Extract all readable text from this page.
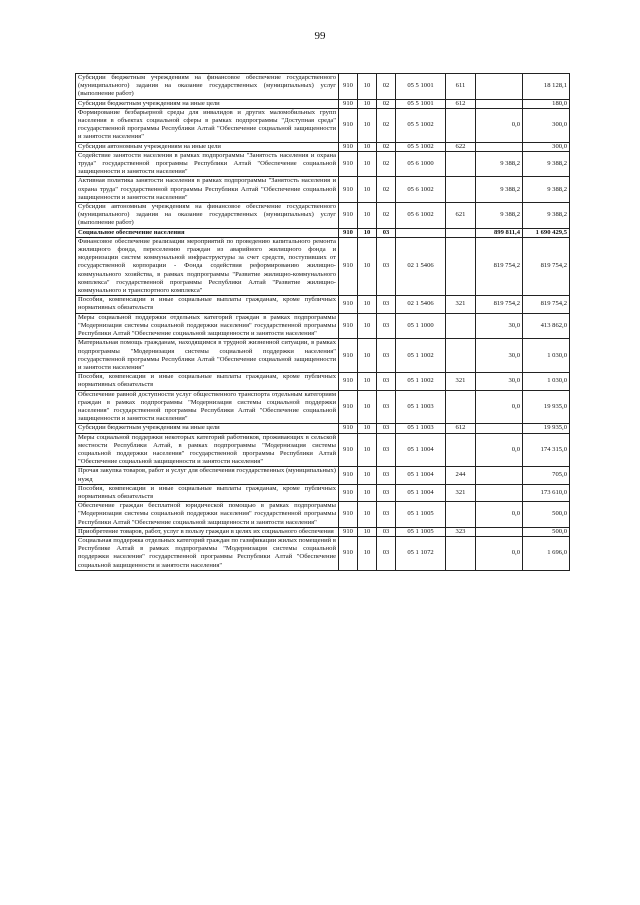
99
Субсидии бюджетным учреждениям на финансовое обеспечение государственного (муниципального) задания на оказание государственных (муниципальных) услуг (выполнение работ)	910	10	02	05 5 1001	611		18 128,1
Субсидии бюджетным учреждениям на иные цели	910	10	02	05 5 1001	612		180,0
Формирование безбарьерной среды для инвалидов и других маломобильных групп населения в объектах социальной сферы в рамках подпрограммы "Доступная среда" государственной программы Республики Алтай "Обеспечение социальной защищенности и занятости населения"	910	10	02	05 5 1002		0,0	300,0
Субсидии автономным учреждениям на иные цели	910	10	02	05 5 1002	622		300,0
Содействие занятости населения в рамках подпрограммы "Занятость населения и охрана труда" государственной программы Республики Алтай "Обеспечение социальной защищенности и занятости населения"	910	10	02	05 6 1000		9 388,2	9 388,2
Активная политика занятости населения в рамках подпрограммы "Занятость населения и охрана труда" государственной программы Республики Алтай "Обеспечение социальной защищенности и занятости населения"	910	10	02	05 6 1002		9 388,2	9 388,2
Субсидии автономным учреждениям на финансовое обеспечение государственного (муниципального) задания на оказание государственных (муниципальных) услуг (выполнение работ)	910	10	02	05 6 1002	621	9 388,2	9 388,2
Социальное обеспечение населения	910	10	03			899 811,4	1 690 429,5
Финансовое обеспечение реализации мероприятий по проведению капитального ремонта жилищного фонда, переселению граждан из аварийного жилищного фонда и модернизации систем коммунальной инфраструктуры за счет средств, поступивших от государственной корпорации - Фонда содействия реформированию жилищно-коммунального хозяйства, в рамках подпрограммы "Развитие жилищно-коммунального комплекса" государственной программы Республики Алтай "Развитие жилищно-коммунального и транспортного комплекса"	910	10	03	02 1 5406		819 754,2	819 754,2
Пособия, компенсации и иные социальные выплаты гражданам, кроме публичных нормативных обязательств	910	10	03	02 1 5406	321	819 754,2	819 754,2
Меры социальной поддержки отдельных категорий граждан в рамках подпрограммы "Модернизация системы социальной поддержки населения" государственной программы Республики Алтай "Обеспечение социальной защищенности и занятости населения"	910	10	03	05 1 1000		30,0	413 862,0
Материальная помощь гражданам, находящимся в трудной жизненной ситуации, в рамках подпрограммы "Модернизация системы социальной поддержки населения" государственной программы Республики Алтай "Обеспечение социальной защищенности и занятости населения"	910	10	03	05 1 1002		30,0	1 030,0
Пособия, компенсации и иные социальные выплаты гражданам, кроме публичных нормативных обязательств	910	10	03	05 1 1002	321	30,0	1 030,0
Обеспечение равной доступности услуг общественного транспорта отдельным категориям граждан в рамках подпрограммы "Модернизация системы социальной поддержки населения" государственной программы Республики Алтай "Обеспечение социальной защищенности и занятости населения"	910	10	03	05 1 1003		0,0	19 935,0
Субсидии бюджетным учреждениям на иные цели	910	10	03	05 1 1003	612		19 935,0
Меры социальной поддержки некоторых категорий работников, проживающих в сельской местности Республики Алтай, в рамках подпрограммы "Модернизация системы социальной поддержки населения" государственной программы Республики Алтай "Обеспечение социальной защищенности и занятости населения"	910	10	03	05 1 1004		0,0	174 315,0
Прочая закупка товаров, работ и услуг для обеспечения государственных (муниципальных) нужд	910	10	03	05 1 1004	244		705,0
Пособия, компенсации и иные социальные выплаты гражданам, кроме публичных нормативных обязательств	910	10	03	05 1 1004	321		173 610,0
Обеспечение граждан бесплатной юридической помощью в рамках подпрограммы "Модернизация системы социальной поддержки населения" государственной программы Республики Алтай "Обеспечение социальной защищенности и занятости населения"	910	10	03	05 1 1005		0,0	500,0
Приобретение товаров, работ, услуг в пользу граждан в целях их социального обеспечения	910	10	03	05 1 1005	323		500,0
Социальная поддержка отдельных категорий граждан по газификации жилых помещений в Республике Алтай в рамках подпрограммы "Модернизация системы социальной поддержки населения" государственной программы Республики Алтай "Обеспечение социальной защищенности и занятости населения"	910	10	03	05 1 1072		0,0	1 696,0
